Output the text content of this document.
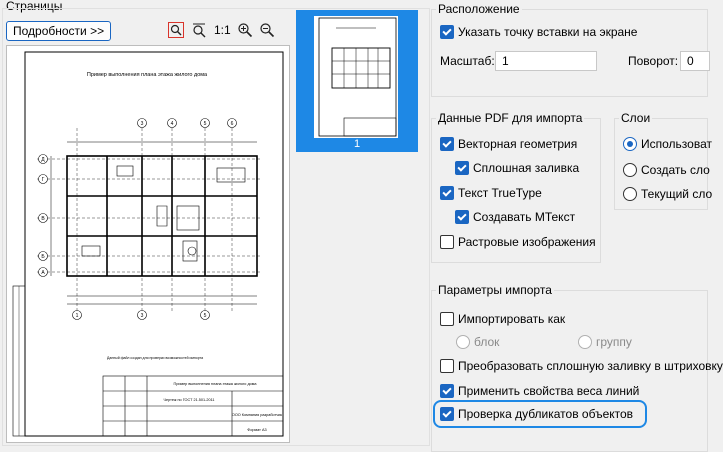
Страницы
Подробности >>	1:1
Д
Г
В
Б
А
3	4	5	6
1	3	5
Пример выполнения плана этажа жилого дома
Данный файл создан для проверки возможностей импорта
Пример выполнения плана этажа жилого дома
Чертеж по ГОСТ 21.501-2011
ООО Компания разработчик
Формат А3
1
Расположение
Указать точку вставки на экране
Масштаб: 1	Поворот: 0
Данные PDF для импорта
Векторная геометрия
Сплошная заливка
Текст TrueType
Создавать МТекст
Растровые изображения
Слои
Использоват
Создать сло
Текущий сло
Параметры импорта
Импортировать как
блок	группу
Преобразовать сплошную заливку в штриховку
Применить свойства веса линий
Проверка дубликатов объектов
